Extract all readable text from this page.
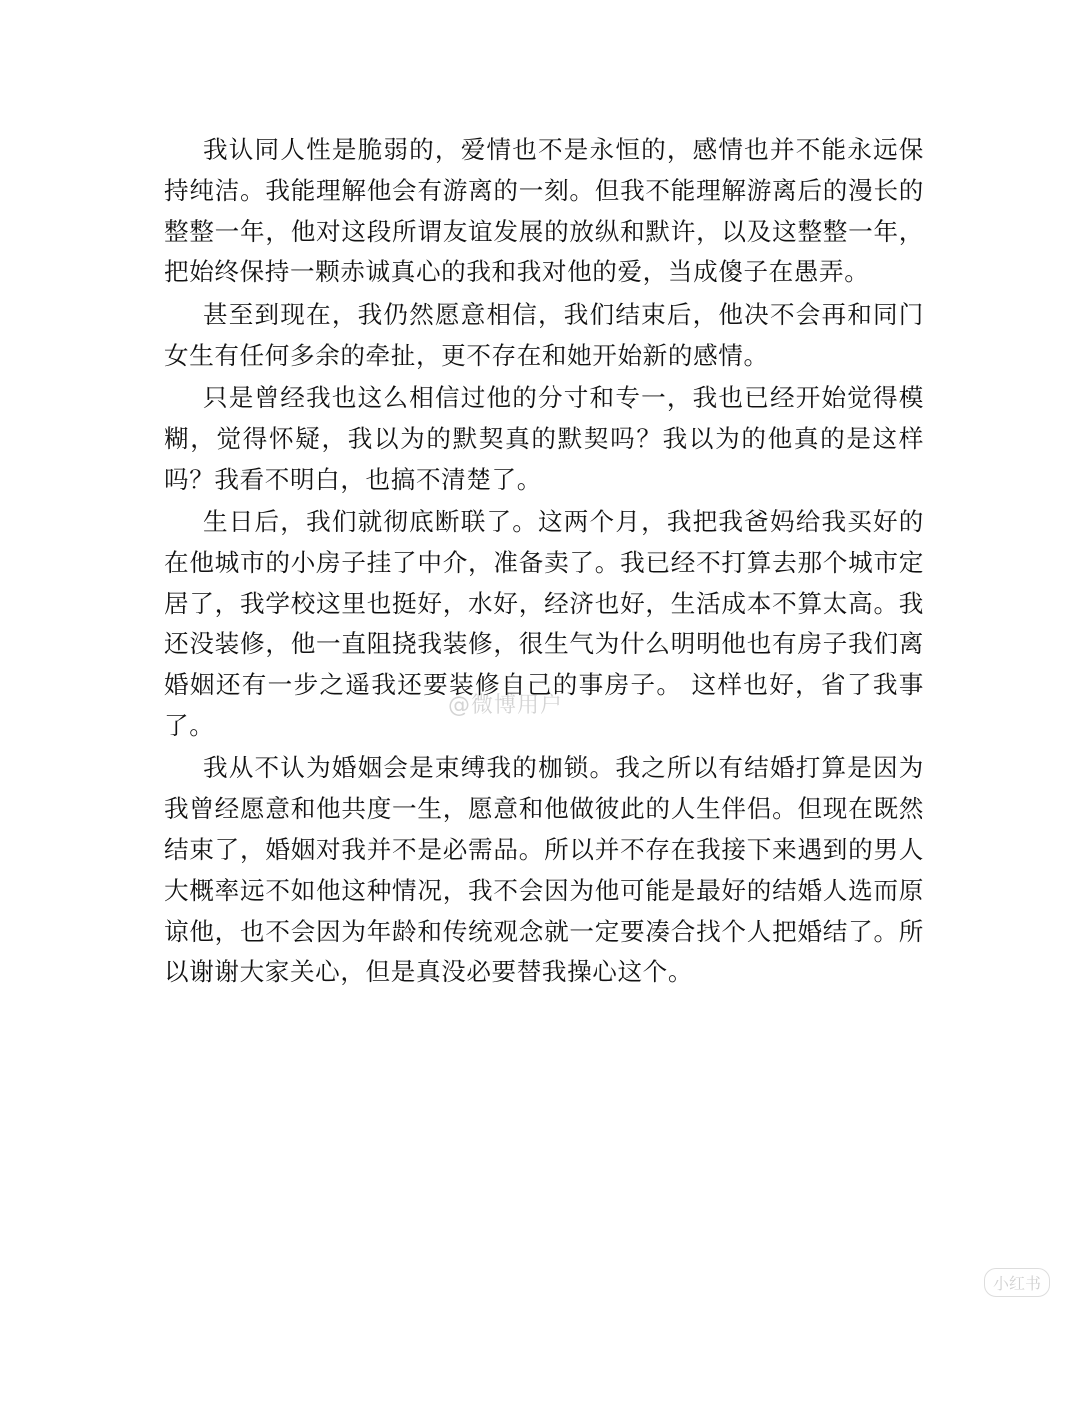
我认同人性是脆弱的，爱情也不是永恒的，感情也并不能永远保持纯洁。我能理解他会有游离的一刻。但我不能理解游离后的漫长的整整一年，他对这段所谓友谊发展的放纵和默许，以及这整整一年，把始终保持一颗赤诚真心的我和我对他的爱，当成傻子在愚弄。

甚至到现在，我仍然愿意相信，我们结束后，他决不会再和同门女生有任何多余的牵扯，更不存在和她开始新的感情。

只是曾经我也这么相信过他的分寸和专一，我也已经开始觉得模糊，觉得怀疑，我以为的默契真的默契吗？我以为的他真的是这样吗？我看不明白，也搞不清楚了。

生日后，我们就彻底断联了。这两个月，我把我爸妈给我买好的在他城市的小房子挂了中介，准备卖了。我已经不打算去那个城市定居了，我学校这里也挺好，水好，经济也好，生活成本不算太高。我还没装修，他一直阻挠我装修，很生气为什么明明他也有房子我们离婚姻还有一步之遥我还要装修自己的事房子。 这样也好，省了我事了。

我从不认为婚姻会是束缚我的枷锁。我之所以有结婚打算是因为我曾经愿意和他共度一生，愿意和他做彼此的人生伴侣。但现在既然结束了，婚姻对我并不是必需品。所以并不存在我接下来遇到的男人大概率远不如他这种情况，我不会因为他可能是最好的结婚人选而原谅他，也不会因为年龄和传统观念就一定要凑合找个人把婚结了。所以谢谢大家关心，但是真没必要替我操心这个。

@微博用户
小红书
